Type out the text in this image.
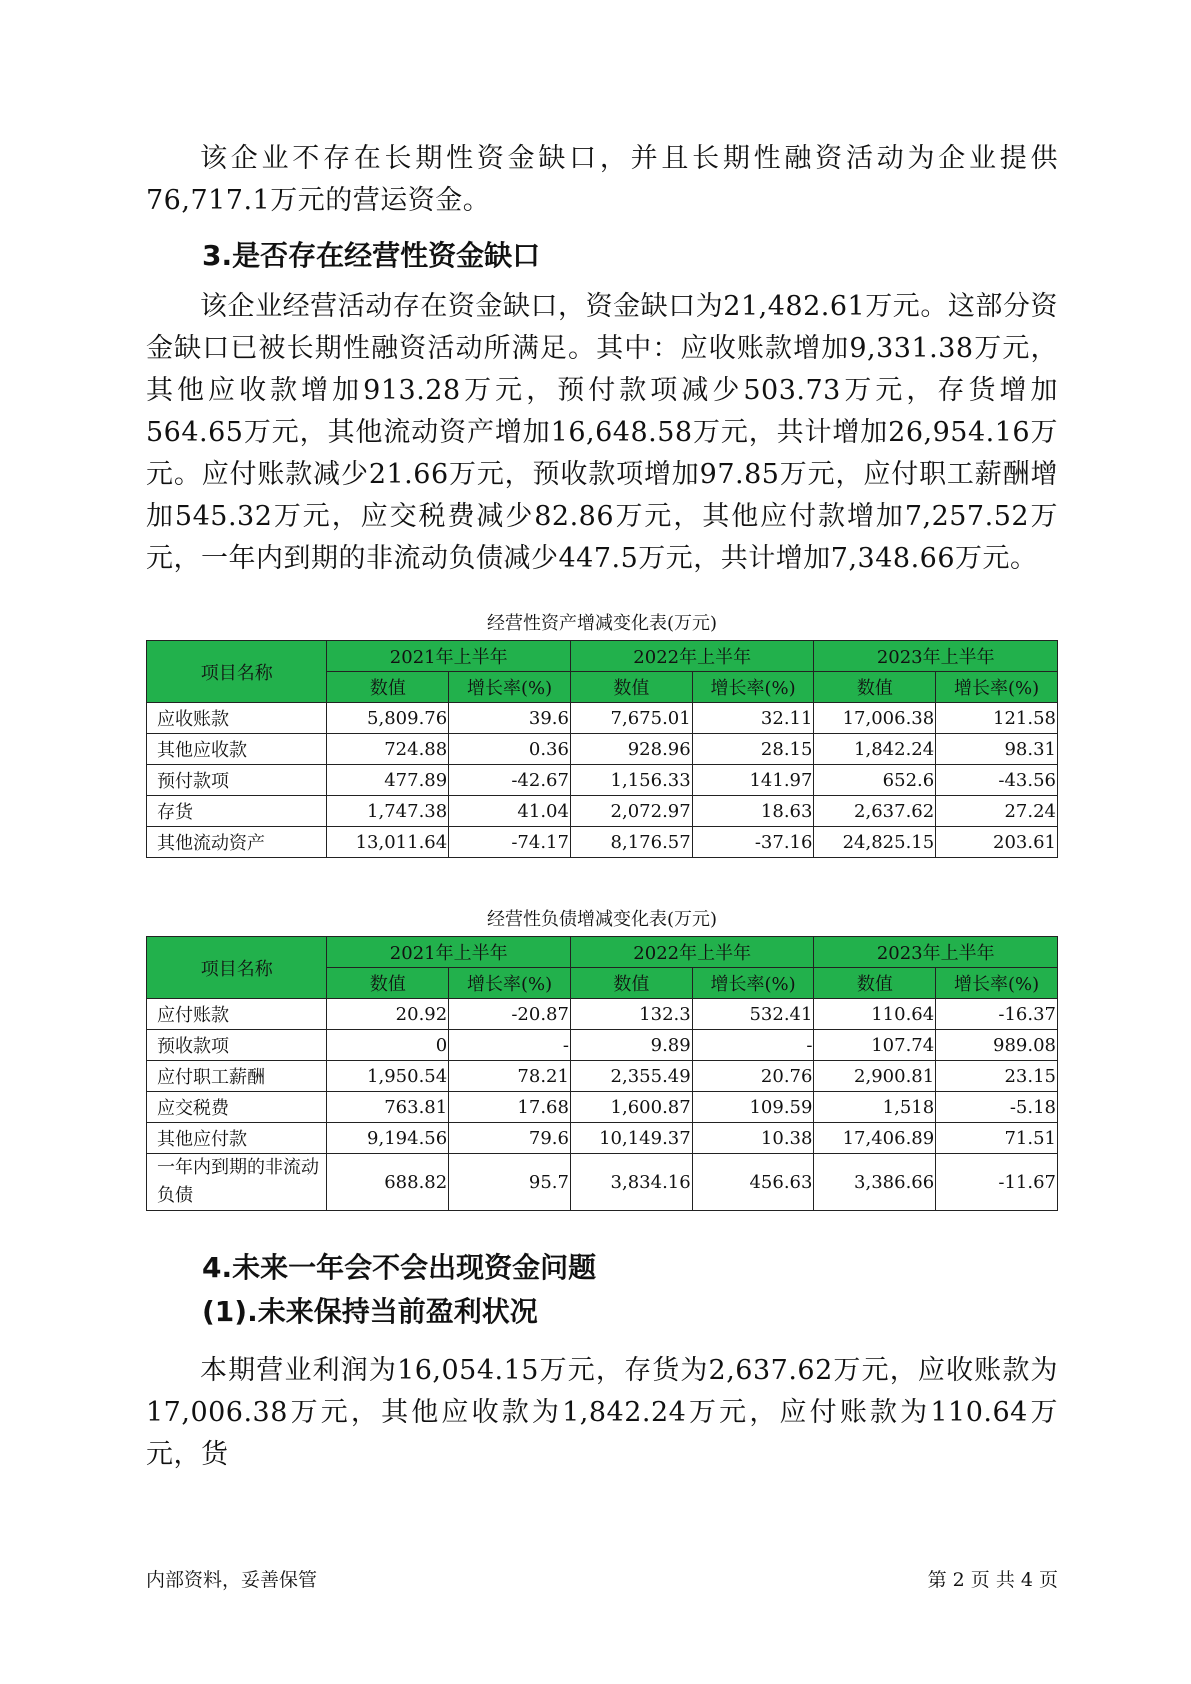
该企业不存在长期性资金缺口，并且长期性融资活动为企业提供76,717.1万元的营运资金。

3.是否存在经营性资金缺口

该企业经营活动存在资金缺口，资金缺口为21,482.61万元。这部分资金缺口已被长期性融资活动所满足。其中：应收账款增加9,331.38万元，其他应收款增加913.28万元，预付款项减少503.73万元，存货增加564.65万元，其他流动资产增加16,648.58万元，共计增加26,954.16万元。应付账款减少21.66万元，预收款项增加97.85万元，应付职工薪酬增加545.32万元，应交税费减少82.86万元，其他应付款增加7,257.52万元，一年内到期的非流动负债减少447.5万元，共计增加7,348.66万元。

经营性资产增减变化表(万元)
项目名称	2021年上半年		2022年上半年		2023年上半年	
	数值	增长率(%)	数值	增长率(%)	数值	增长率(%)
应收账款	5,809.76	39.6	7,675.01	32.11	17,006.38	121.58
其他应收款	724.88	0.36	928.96	28.15	1,842.24	98.31
预付款项	477.89	-42.67	1,156.33	141.97	652.6	-43.56
存货	1,747.38	41.04	2,072.97	18.63	2,637.62	27.24
其他流动资产	13,011.64	-74.17	8,176.57	-37.16	24,825.15	203.61
经营性负债增减变化表(万元)
项目名称	2021年上半年		2022年上半年		2023年上半年	
	数值	增长率(%)	数值	增长率(%)	数值	增长率(%)
应付账款	20.92	-20.87	132.3	532.41	110.64	-16.37
预收款项	0	-	9.89	-	107.74	989.08
应付职工薪酬	1,950.54	78.21	2,355.49	20.76	2,900.81	23.15
应交税费	763.81	17.68	1,600.87	109.59	1,518	-5.18
其他应付款	9,194.56	79.6	10,149.37	10.38	17,406.89	71.51
一年内到期的非流动负债	688.82	95.7	3,834.16	456.63	3,386.66	-11.67
4.未来一年会不会出现资金问题
(1).未来保持当前盈利状况

本期营业利润为16,054.15万元，存货为2,637.62万元，应收账款为17,006.38万元，其他应收款为1,842.24万元，应付账款为110.64万元，货

内部资料，妥善保管	第 2 页 共 4 页
